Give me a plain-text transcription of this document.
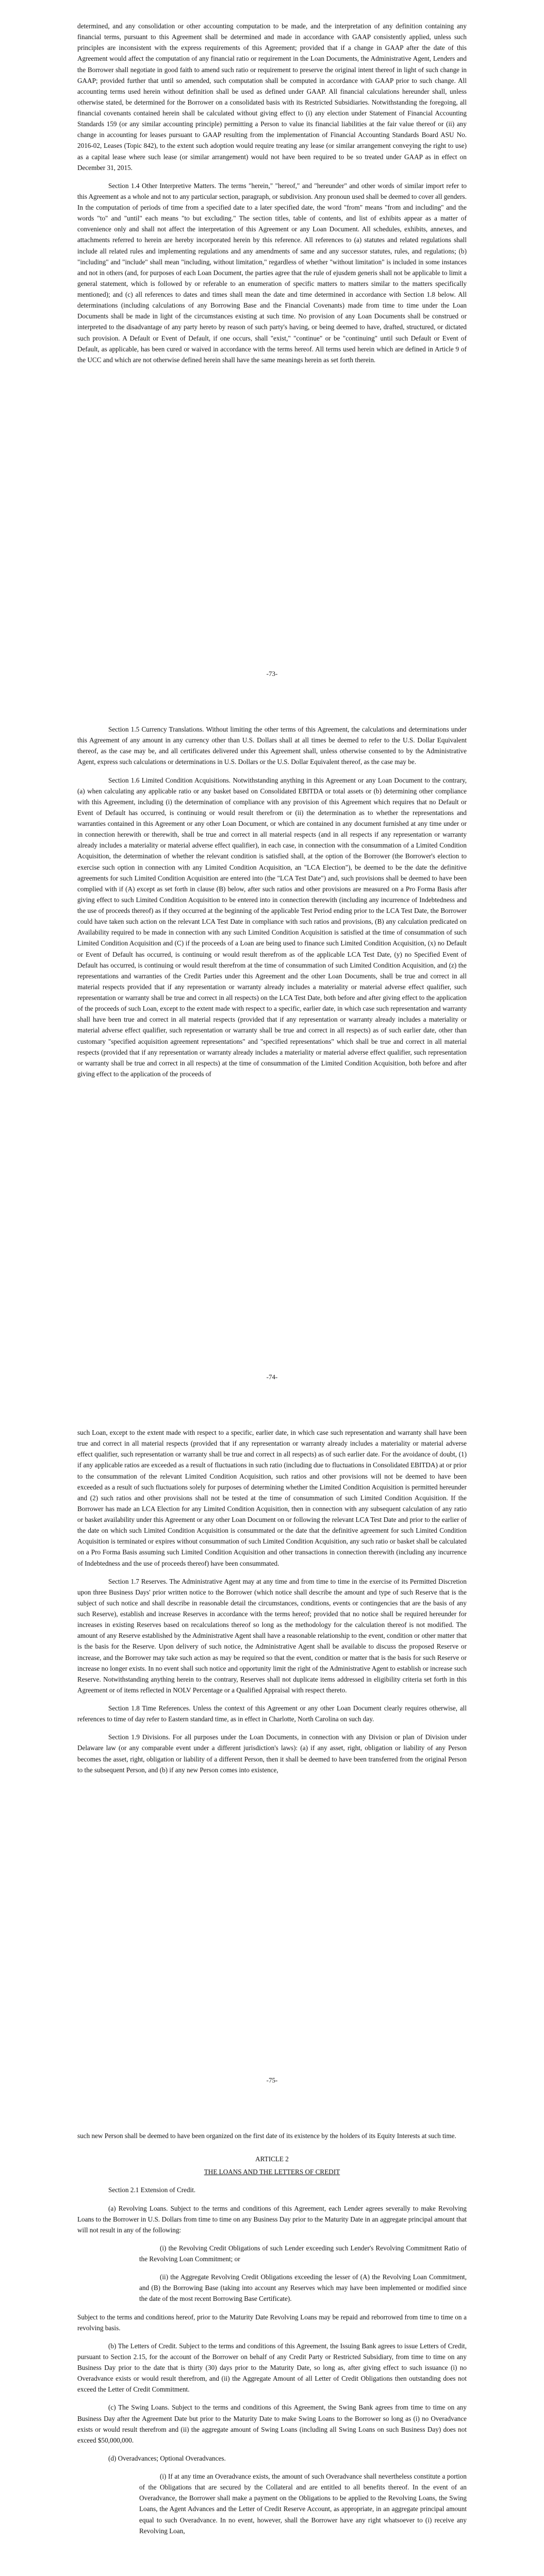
determined, and any consolidation or other accounting computation to be made, and the interpretation of any definition containing any financial terms, pursuant to this Agreement shall be determined and made in accordance with GAAP consistently applied, unless such principles are inconsistent with the express requirements of this Agreement; provided that if a change in GAAP after the date of this Agreement would affect the computation of any financial ratio or requirement in the Loan Documents, the Administrative Agent, Lenders and the Borrower shall negotiate in good faith to amend such ratio or requirement to preserve the original intent thereof in light of such change in GAAP; provided further that until so amended, such computation shall be computed in accordance with GAAP prior to such change. All accounting terms used herein without definition shall be used as defined under GAAP. All financial calculations hereunder shall, unless otherwise stated, be determined for the Borrower on a consolidated basis with its Restricted Subsidiaries. Notwithstanding the foregoing, all financial covenants contained herein shall be calculated without giving effect to (i) any election under Statement of Financial Accounting Standards 159 (or any similar accounting principle) permitting a Person to value its financial liabilities at the fair value thereof or (ii) any change in accounting for leases pursuant to GAAP resulting from the implementation of Financial Accounting Standards Board ASU No. 2016-02, Leases (Topic 842), to the extent such adoption would require treating any lease (or similar arrangement conveying the right to use) as a capital lease where such lease (or similar arrangement) would not have been required to be so treated under GAAP as in effect on December 31, 2015.

Section 1.4 Other Interpretive Matters. The terms "herein," "hereof," and "hereunder" and other words of similar import refer to this Agreement as a whole and not to any particular section, paragraph, or subdivision. Any pronoun used shall be deemed to cover all genders. In the computation of periods of time from a specified date to a later specified date, the word "from" means "from and including" and the words "to" and "until" each means "to but excluding." The section titles, table of contents, and list of exhibits appear as a matter of convenience only and shall not affect the interpretation of this Agreement or any Loan Document. All schedules, exhibits, annexes, and attachments referred to herein are hereby incorporated herein by this reference. All references to (a) statutes and related regulations shall include all related rules and implementing regulations and any amendments of same and any successor statutes, rules, and regulations; (b) "including" and "include" shall mean "including, without limitation," regardless of whether "without limitation" is included in some instances and not in others (and, for purposes of each Loan Document, the parties agree that the rule of ejusdem generis shall not be applicable to limit a general statement, which is followed by or referable to an enumeration of specific matters to matters similar to the matters specifically mentioned); and (c) all references to dates and times shall mean the date and time determined in accordance with Section 1.8 below. All determinations (including calculations of any Borrowing Base and the Financial Covenants) made from time to time under the Loan Documents shall be made in light of the circumstances existing at such time. No provision of any Loan Documents shall be construed or interpreted to the disadvantage of any party hereto by reason of such party's having, or being deemed to have, drafted, structured, or dictated such provision. A Default or Event of Default, if one occurs, shall "exist," "continue" or be "continuing" until such Default or Event of Default, as applicable, has been cured or waived in accordance with the terms hereof. All terms used herein which are defined in Article 9 of the UCC and which are not otherwise defined herein shall have the same meanings herein as set forth therein.

-73-

Section 1.5 Currency Translations. Without limiting the other terms of this Agreement, the calculations and determinations under this Agreement of any amount in any currency other than U.S. Dollars shall at all times be deemed to refer to the U.S. Dollar Equivalent thereof, as the case may be, and all certificates delivered under this Agreement shall, unless otherwise consented to by the Administrative Agent, express such calculations or determinations in U.S. Dollars or the U.S. Dollar Equivalent thereof, as the case may be.

Section 1.6 Limited Condition Acquisitions. Notwithstanding anything in this Agreement or any Loan Document to the contrary, (a) when calculating any applicable ratio or any basket based on Consolidated EBITDA or total assets or (b) determining other compliance with this Agreement, including (i) the determination of compliance with any provision of this Agreement which requires that no Default or Event of Default has occurred, is continuing or would result therefrom or (ii) the determination as to whether the representations and warranties contained in this Agreement or any other Loan Document, or which are contained in any document furnished at any time under or in connection herewith or therewith, shall be true and correct in all material respects (and in all respects if any representation or warranty already includes a materiality or material adverse effect qualifier), in each case, in connection with the consummation of a Limited Condition Acquisition, the determination of whether the relevant condition is satisfied shall, at the option of the Borrower (the Borrower's election to exercise such option in connection with any Limited Condition Acquisition, an "LCA Election"), be deemed to be the date the definitive agreements for such Limited Condition Acquisition are entered into (the "LCA Test Date") and, such provisions shall be deemed to have been complied with if (A) except as set forth in clause (B) below, after such ratios and other provisions are measured on a Pro Forma Basis after giving effect to such Limited Condition Acquisition to be entered into in connection therewith (including any incurrence of Indebtedness and the use of proceeds thereof) as if they occurred at the beginning of the applicable Test Period ending prior to the LCA Test Date, the Borrower could have taken such action on the relevant LCA Test Date in compliance with such ratios and provisions, (B) any calculation predicated on Availability required to be made in connection with any such Limited Condition Acquisition is satisfied at the time of consummation of such Limited Condition Acquisition and (C) if the proceeds of a Loan are being used to finance such Limited Condition Acquisition, (x) no Default or Event of Default has occurred, is continuing or would result therefrom as of the applicable LCA Test Date, (y) no Specified Event of Default has occurred, is continuing or would result therefrom at the time of consummation of such Limited Condition Acquisition, and (z) the representations and warranties of the Credit Parties under this Agreement and the other Loan Documents, shall be true and correct in all material respects provided that if any representation or warranty already includes a materiality or material adverse effect qualifier, such representation or warranty shall be true and correct in all respects) on the LCA Test Date, both before and after giving effect to the application of the proceeds of such Loan, except to the extent made with respect to a specific, earlier date, in which case such representation and warranty shall have been true and correct in all material respects (provided that if any representation or warranty already includes a materiality or material adverse effect qualifier, such representation or warranty shall be true and correct in all respects) as of such earlier date, other than customary "specified acquisition agreement representations" and "specified representations" which shall be true and correct in all material respects (provided that if any representation or warranty already includes a materiality or material adverse effect qualifier, such representation or warranty shall be true and correct in all respects) at the time of consummation of the Limited Condition Acquisition, both before and after giving effect to the application of the proceeds of

-74-

such Loan, except to the extent made with respect to a specific, earlier date, in which case such representation and warranty shall have been true and correct in all material respects (provided that if any representation or warranty already includes a materiality or material adverse effect qualifier, such representation or warranty shall be true and correct in all respects) as of such earlier date. For the avoidance of doubt, (1) if any applicable ratios are exceeded as a result of fluctuations in such ratio (including due to fluctuations in Consolidated EBITDA) at or prior to the consummation of the relevant Limited Condition Acquisition, such ratios and other provisions will not be deemed to have been exceeded as a result of such fluctuations solely for purposes of determining whether the Limited Condition Acquisition is permitted hereunder and (2) such ratios and other provisions shall not be tested at the time of consummation of such Limited Condition Acquisition. If the Borrower has made an LCA Election for any Limited Condition Acquisition, then in connection with any subsequent calculation of any ratio or basket availability under this Agreement or any other Loan Document on or following the relevant LCA Test Date and prior to the earlier of the date on which such Limited Condition Acquisition is consummated or the date that the definitive agreement for such Limited Condition Acquisition is terminated or expires without consummation of such Limited Condition Acquisition, any such ratio or basket shall be calculated on a Pro Forma Basis assuming such Limited Condition Acquisition and other transactions in connection therewith (including any incurrence of Indebtedness and the use of proceeds thereof) have been consummated.

Section 1.7 Reserves. The Administrative Agent may at any time and from time to time in the exercise of its Permitted Discretion upon three Business Days' prior written notice to the Borrower (which notice shall describe the amount and type of such Reserve that is the subject of such notice and shall describe in reasonable detail the circumstances, conditions, events or contingencies that are the basis of any such Reserve), establish and increase Reserves in accordance with the terms hereof; provided that no notice shall be required hereunder for increases in existing Reserves based on recalculations thereof so long as the methodology for the calculation thereof is not modified. The amount of any Reserve established by the Administrative Agent shall have a reasonable relationship to the event, condition or other matter that is the basis for the Reserve. Upon delivery of such notice, the Administrative Agent shall be available to discuss the proposed Reserve or increase, and the Borrower may take such action as may be required so that the event, condition or matter that is the basis for such Reserve or increase no longer exists. In no event shall such notice and opportunity limit the right of the Administrative Agent to establish or increase such Reserve. Notwithstanding anything herein to the contrary, Reserves shall not duplicate items addressed in eligibility criteria set forth in this Agreement or of items reflected in NOLV Percentage or a Qualified Appraisal with respect thereto.

Section 1.8 Time References. Unless the context of this Agreement or any other Loan Document clearly requires otherwise, all references to time of day refer to Eastern standard time, as in effect in Charlotte, North Carolina on such day.

Section 1.9 Divisions. For all purposes under the Loan Documents, in connection with any Division or plan of Division under Delaware law (or any comparable event under a different jurisdiction's laws): (a) if any asset, right, obligation or liability of any Person becomes the asset, right, obligation or liability of a different Person, then it shall be deemed to have been transferred from the original Person to the subsequent Person, and (b) if any new Person comes into existence,

-75-

such new Person shall be deemed to have been organized on the first date of its existence by the holders of its Equity Interests at such time.

ARTICLE 2

THE LOANS AND THE LETTERS OF CREDIT

Section 2.1 Extension of Credit.

(a) Revolving Loans. Subject to the terms and conditions of this Agreement, each Lender agrees severally to make Revolving Loans to the Borrower in U.S. Dollars from time to time on any Business Day prior to the Maturity Date in an aggregate principal amount that will not result in any of the following:

(i) the Revolving Credit Obligations of such Lender exceeding such Lender's Revolving Commitment Ratio of the Revolving Loan Commitment; or

(ii) the Aggregate Revolving Credit Obligations exceeding the lesser of (A) the Revolving Loan Commitment, and (B) the Borrowing Base (taking into account any Reserves which may have been implemented or modified since the date of the most recent Borrowing Base Certificate).

Subject to the terms and conditions hereof, prior to the Maturity Date Revolving Loans may be repaid and reborrowed from time to time on a revolving basis.

(b) The Letters of Credit. Subject to the terms and conditions of this Agreement, the Issuing Bank agrees to issue Letters of Credit, pursuant to Section 2.15, for the account of the Borrower on behalf of any Credit Party or Restricted Subsidiary, from time to time on any Business Day prior to the date that is thirty (30) days prior to the Maturity Date, so long as, after giving effect to such issuance (i) no Overadvance exists or would result therefrom, and (ii) the Aggregate Amount of all Letter of Credit Obligations then outstanding does not exceed the Letter of Credit Commitment.

(c) The Swing Loans. Subject to the terms and conditions of this Agreement, the Swing Bank agrees from time to time on any Business Day after the Agreement Date but prior to the Maturity Date to make Swing Loans to the Borrower so long as (i) no Overadvance exists or would result therefrom and (ii) the aggregate amount of Swing Loans (including all Swing Loans on such Business Day) does not exceed $50,000,000.

(d) Overadvances; Optional Overadvances.

(i) If at any time an Overadvance exists, the amount of such Overadvance shall nevertheless constitute a portion of the Obligations that are secured by the Collateral and are entitled to all benefits thereof. In the event of an Overadvance, the Borrower shall make a payment on the Obligations to be applied to the Revolving Loans, the Swing Loans, the Agent Advances and the Letter of Credit Reserve Account, as appropriate, in an aggregate principal amount equal to such Overadvance. In no event, however, shall the Borrower have any right whatsoever to (i) receive any Revolving Loan,
